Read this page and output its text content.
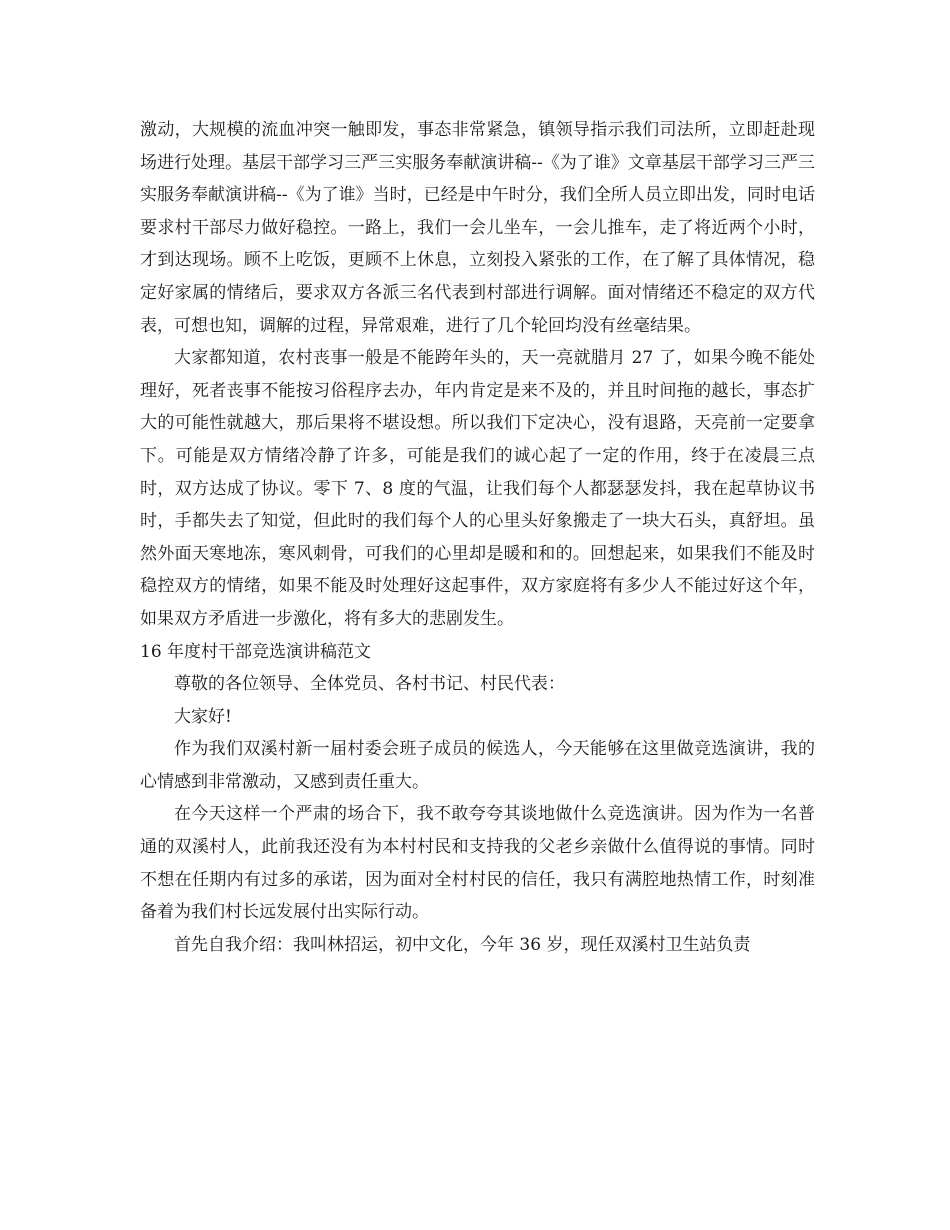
激动，大规模的流血冲突一触即发，事态非常紧急，镇领导指示我们司法所，立即赶赴现场进行处理。基层干部学习三严三实服务奉献演讲稿--《为了谁》文章基层干部学习三严三实服务奉献演讲稿--《为了谁》当时，已经是中午时分，我们全所人员立即出发，同时电话要求村干部尽力做好稳控。一路上，我们一会儿坐车，一会儿推车，走了将近两个小时，才到达现场。顾不上吃饭，更顾不上休息，立刻投入紧张的工作，在了解了具体情况，稳定好家属的情绪后，要求双方各派三名代表到村部进行调解。面对情绪还不稳定的双方代表，可想也知，调解的过程，异常艰难，进行了几个轮回均没有丝毫结果。

大家都知道，农村丧事一般是不能跨年头的，天一亮就腊月 27 了，如果今晚不能处理好，死者丧事不能按习俗程序去办，年内肯定是来不及的，并且时间拖的越长，事态扩大的可能性就越大，那后果将不堪设想。所以我们下定决心，没有退路，天亮前一定要拿下。可能是双方情绪冷静了许多，可能是我们的诚心起了一定的作用，终于在凌晨三点时，双方达成了协议。零下 7、8 度的气温，让我们每个人都瑟瑟发抖，我在起草协议书时，手都失去了知觉，但此时的我们每个人的心里头好象搬走了一块大石头，真舒坦。虽然外面天寒地冻，寒风刺骨，可我们的心里却是暖和和的。回想起来，如果我们不能及时稳控双方的情绪，如果不能及时处理好这起事件，双方家庭将有多少人不能过好这个年，如果双方矛盾进一步激化，将有多大的悲剧发生。

16 年度村干部竞选演讲稿范文

尊敬的各位领导、全体党员、各村书记、村民代表：

大家好!

作为我们双溪村新一届村委会班子成员的候选人，今天能够在这里做竞选演讲，我的心情感到非常激动，又感到责任重大。

在今天这样一个严肃的场合下，我不敢夸夸其谈地做什么竞选演讲。因为作为一名普通的双溪村人，此前我还没有为本村村民和支持我的父老乡亲做什么值得说的事情。同时不想在任期内有过多的承诺，因为面对全村村民的信任，我只有满腔地热情工作，时刻准备着为我们村长远发展付出实际行动。

首先自我介绍：我叫林招运，初中文化，今年 36 岁，现任双溪村卫生站负责
